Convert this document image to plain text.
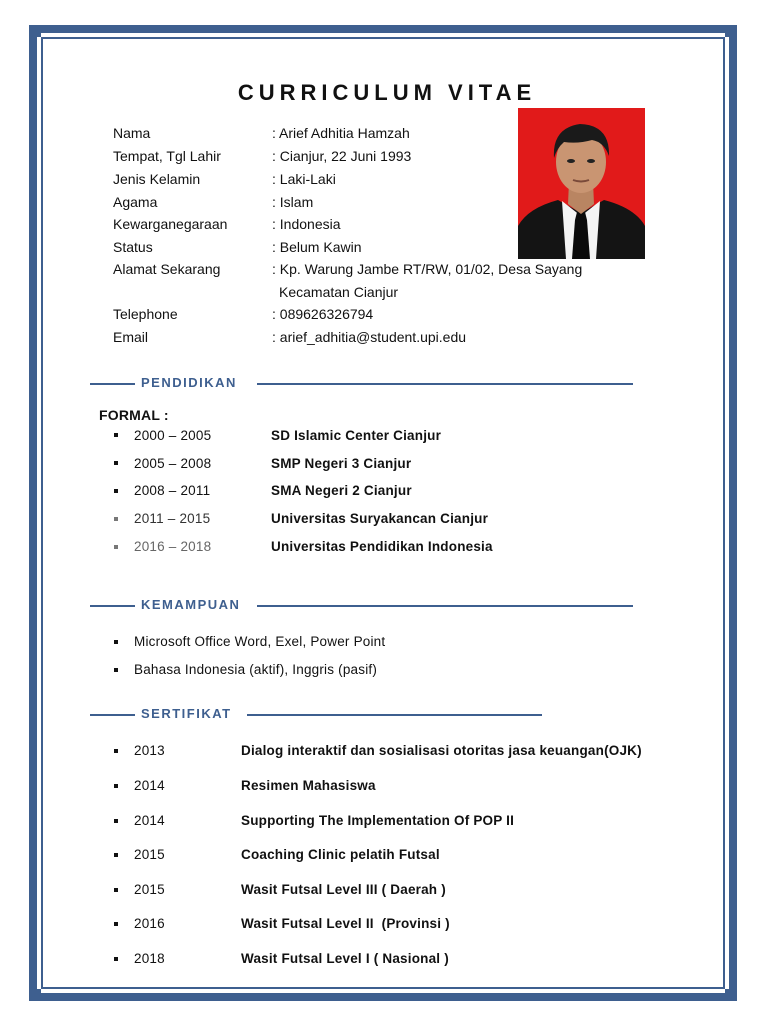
CURRICULUM VITAE
Nama	: Arief Adhitia Hamzah
Tempat, Tgl Lahir	: Cianjur, 22 Juni 1993
Jenis Kelamin	: Laki-Laki
Agama	: Islam
Kewarganegaraan	: Indonesia
Status	: Belum Kawin
Alamat Sekarang	: Kp. Warung Jambe RT/RW, 01/02, Desa Sayang
Kecamatan Cianjur
Telephone	: 089626326794
Email	: arief_adhitia@student.upi.edu
PENDIDIKAN
FORMAL :
2000 – 2005	SD Islamic Center Cianjur
2005 – 2008	SMP Negeri 3 Cianjur
2008 – 2011	SMA Negeri 2 Cianjur
2011 – 2015	Universitas Suryakancan Cianjur
2016 – 2018	Universitas Pendidikan Indonesia
KEMAMPUAN
Microsoft Office Word, Exel, Power Point
Bahasa Indonesia (aktif), Inggris (pasif)
SERTIFIKAT
2013	Dialog interaktif dan sosialisasi otoritas jasa keuangan(OJK)
2014	Resimen Mahasiswa
2014	Supporting The Implementation Of POP II
2015	Coaching Clinic pelatih Futsal
2015	Wasit Futsal Level III ( Daerah )
2016	Wasit Futsal Level II  (Provinsi )
2018	Wasit Futsal Level I ( Nasional )
